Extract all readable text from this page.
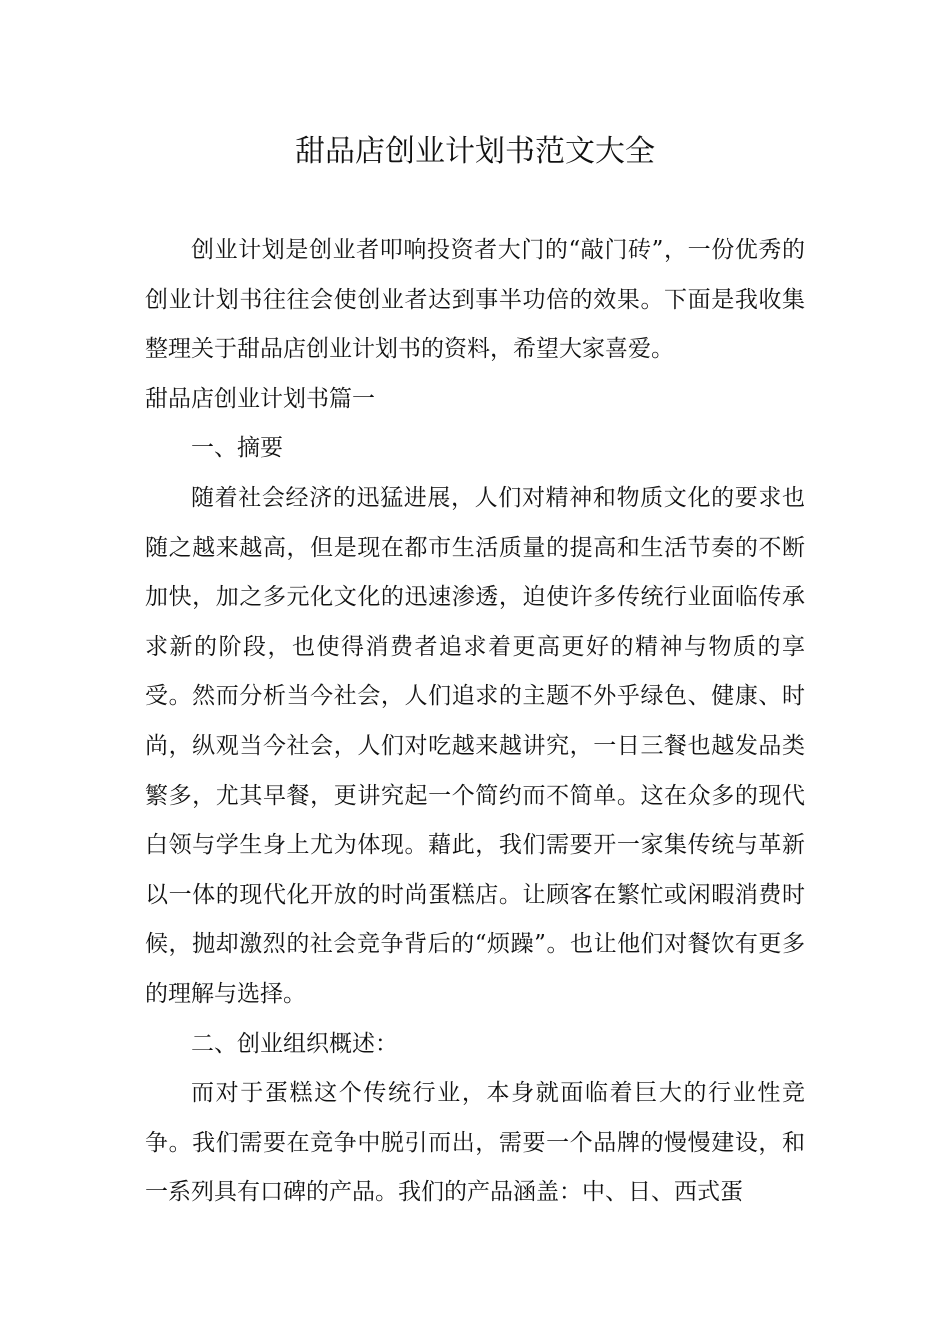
甜品店创业计划书范文大全

创业计划是创业者叩响投资者大门的“敲门砖”，一份优秀的创业计划书往往会使创业者达到事半功倍的效果。下面是我收集整理关于甜品店创业计划书的资料，希望大家喜爱。

甜品店创业计划书篇一

一、摘要

随着社会经济的迅猛进展，人们对精神和物质文化的要求也随之越来越高，但是现在都市生活质量的提高和生活节奏的不断加快，加之多元化文化的迅速渗透，迫使许多传统行业面临传承求新的阶段，也使得消费者追求着更高更好的精神与物质的享受。然而分析当今社会，人们追求的主题不外乎绿色、健康、时尚，纵观当今社会，人们对吃越来越讲究，一日三餐也越发品类繁多，尤其早餐，更讲究起一个简约而不简单。这在众多的现代白领与学生身上尤为体现。藉此，我们需要开一家集传统与革新以一体的现代化开放的时尚蛋糕店。让顾客在繁忙或闲暇消费时候，抛却激烈的社会竞争背后的“烦躁”。也让他们对餐饮有更多的理解与选择。

二、创业组织概述：

而对于蛋糕这个传统行业，本身就面临着巨大的行业性竞争。我们需要在竞争中脱引而出，需要一个品牌的慢慢建设，和一系列具有口碑的产品。我们的产品涵盖：中、日、西式蛋
